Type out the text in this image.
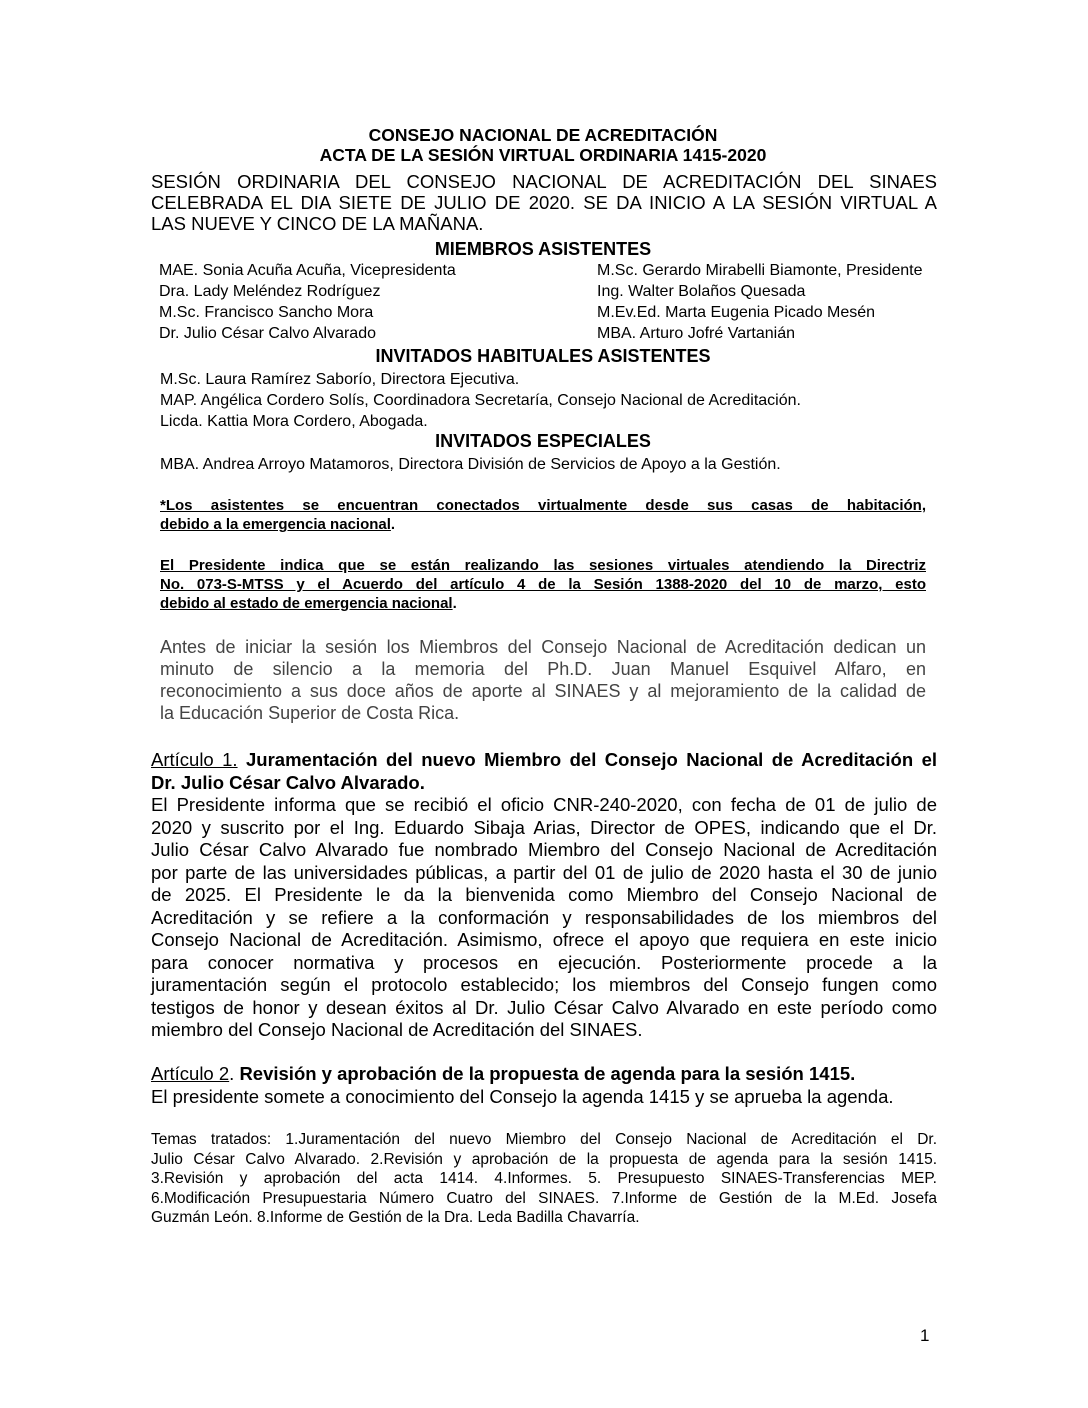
CONSEJO NACIONAL DE ACREDITACIÓN
ACTA DE LA SESIÓN VIRTUAL ORDINARIA 1415-2020
SESIÓN ORDINARIA DEL CONSEJO NACIONAL DE ACREDITACIÓN DEL SINAES
CELEBRADA EL DIA SIETE DE JULIO DE 2020. SE DA INICIO A LA SESIÓN VIRTUAL A
LAS NUEVE Y CINCO DE LA MAÑANA.
MIEMBROS ASISTENTES
MAE. Sonia Acuña Acuña, Vicepresidenta
Dra. Lady Meléndez Rodríguez
M.Sc. Francisco Sancho Mora
Dr. Julio César Calvo Alvarado
M.Sc. Gerardo Mirabelli Biamonte, Presidente
Ing. Walter Bolaños Quesada
M.Ev.Ed. Marta Eugenia Picado Mesén
MBA. Arturo Jofré Vartanián
INVITADOS HABITUALES ASISTENTES
M.Sc. Laura Ramírez Saborío, Directora Ejecutiva.
MAP. Angélica Cordero Solís, Coordinadora Secretaría, Consejo Nacional de Acreditación.
Licda. Kattia Mora Cordero, Abogada.
INVITADOS ESPECIALES
MBA. Andrea Arroyo Matamoros, Directora División de Servicios de Apoyo a la Gestión.
*Los asistentes se encuentran conectados virtualmente desde sus casas de habitación,
debido a la emergencia nacional.
El Presidente indica que se están realizando las sesiones virtuales atendiendo la Directriz
No. 073-S-MTSS y el Acuerdo del artículo 4 de la Sesión 1388-2020 del 10 de marzo, esto
debido al estado de emergencia nacional.
Antes de iniciar la sesión los Miembros del Consejo Nacional de Acreditación dedican un
minuto de silencio a la memoria del Ph.D. Juan Manuel Esquivel Alfaro, en
reconocimiento a sus doce años de aporte al SINAES y al mejoramiento de la calidad de
la Educación Superior de Costa Rica.
Artículo 1. Juramentación del nuevo Miembro del Consejo Nacional de Acreditación el
Dr. Julio César Calvo Alvarado.
El Presidente informa que se recibió el oficio CNR-240-2020, con fecha de 01 de julio de
2020 y suscrito por el Ing. Eduardo Sibaja Arias, Director de OPES, indicando que el Dr.
Julio César Calvo Alvarado fue nombrado Miembro del Consejo Nacional de Acreditación
por parte de las universidades públicas, a partir del 01 de julio de 2020 hasta el 30 de junio
de 2025. El Presidente le da la bienvenida como Miembro del Consejo Nacional de
Acreditación y se refiere a la conformación y responsabilidades de los miembros del
Consejo Nacional de Acreditación. Asimismo, ofrece el apoyo que requiera en este inicio
para conocer normativa y procesos en ejecución. Posteriormente procede a la
juramentación según el protocolo establecido; los miembros del Consejo fungen como
testigos de honor y desean éxitos al Dr. Julio César Calvo Alvarado en este período como
miembro del Consejo Nacional de Acreditación del SINAES.
Artículo 2. Revisión y aprobación de la propuesta de agenda para la sesión 1415.
El presidente somete a conocimiento del Consejo la agenda 1415 y se aprueba la agenda.
Temas tratados: 1.Juramentación del nuevo Miembro del Consejo Nacional de Acreditación el Dr.
Julio César Calvo Alvarado. 2.Revisión y aprobación de la propuesta de agenda para la sesión 1415.
3.Revisión y aprobación del acta 1414. 4.Informes. 5. Presupuesto SINAES-Transferencias MEP.
6.Modificación Presupuestaria Número Cuatro del SINAES. 7.Informe de Gestión de la M.Ed. Josefa
Guzmán León. 8.Informe de Gestión de la Dra. Leda Badilla Chavarría.
1
